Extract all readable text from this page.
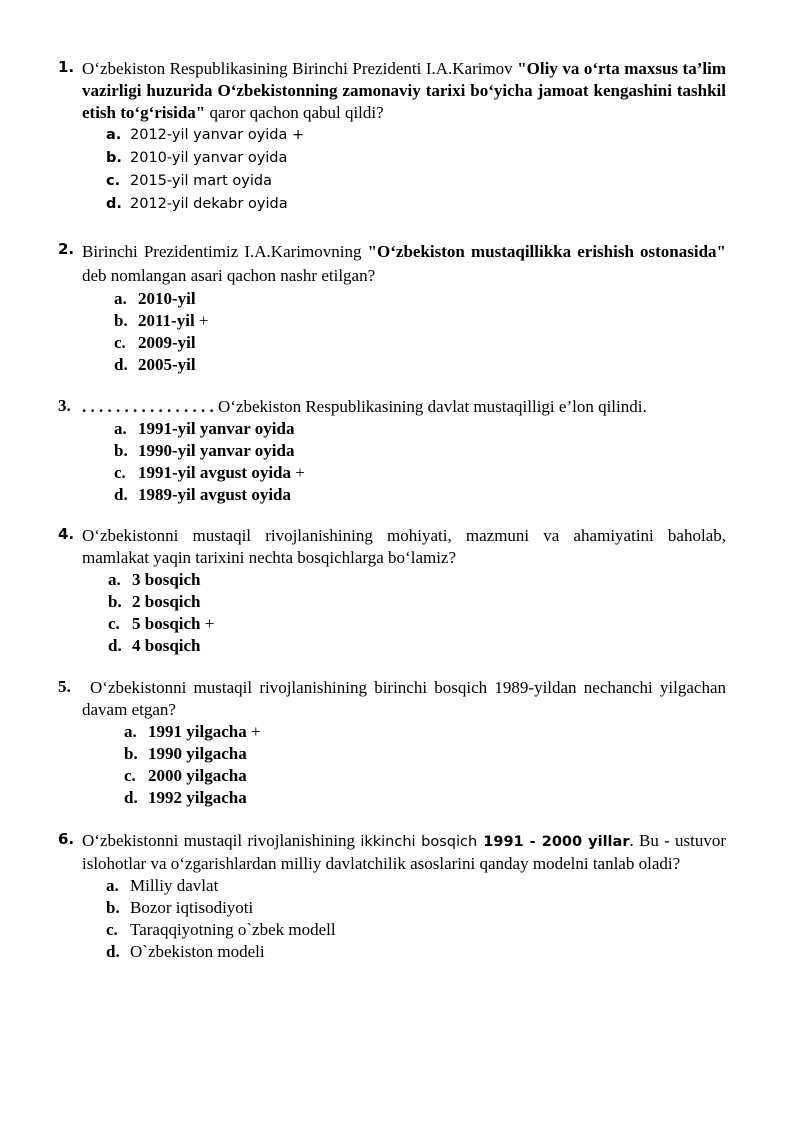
1. O‘zbekiston Respublikasining Birinchi Prezidenti I.A.Karimov "Oliy va o‘rta maxsus ta’lim vazirligi huzurida O‘zbekistonning zamonaviy tarixi bo‘yicha jamoat kengashini tashkil etish to‘g‘risida" qaror qachon qabul qildi?
a. 2012-yil yanvar oyida +
b. 2010-yil yanvar oyida
c. 2015-yil mart oyida
d. 2012-yil dekabr oyida
2. Birinchi Prezidentimiz I.A.Karimovning "O‘zbekiston mustaqillikka erishish ostonasida" deb nomlangan asari qachon nashr etilgan?
a. 2010-yil
b. 2011-yil +
c. 2009-yil
d. 2005-yil
3. . . . . . . . . . . . . . . . . O‘zbekiston Respublikasining davlat mustaqilligi e’lon qilindi.
a. 1991-yil yanvar oyida
b. 1990-yil yanvar oyida
c. 1991-yil avgust oyida +
d. 1989-yil avgust oyida
4. O‘zbekistonni mustaqil rivojlanishining mohiyati, mazmuni va ahamiyatini baholab, mamlakat yaqin tarixini nechta bosqichlarga bo‘lamiz?
a. 3 bosqich
b. 2 bosqich
c. 5 bosqich +
d. 4 bosqich
5.	O‘zbekistonni mustaqil rivojlanishining birinchi bosqich 1989-yildan nechanchi yilgachan davam etgan?
a. 1991 yilgacha +
b. 1990 yilgacha
c. 2000 yilgacha
d. 1992 yilgacha
6. O‘zbekistonni mustaqil rivojlanishining ikkinchi bosqich 1991 - 2000 yillar. Bu - ustuvor islohotlar va o‘zgarishlardan milliy davlatchilik asoslarini qanday modelni tanlab oladi?
a. Milliy davlat
b. Bozor iqtisodiyoti
c. Taraqqiyotning o`zbek modell
d. O`zbekiston modeli
